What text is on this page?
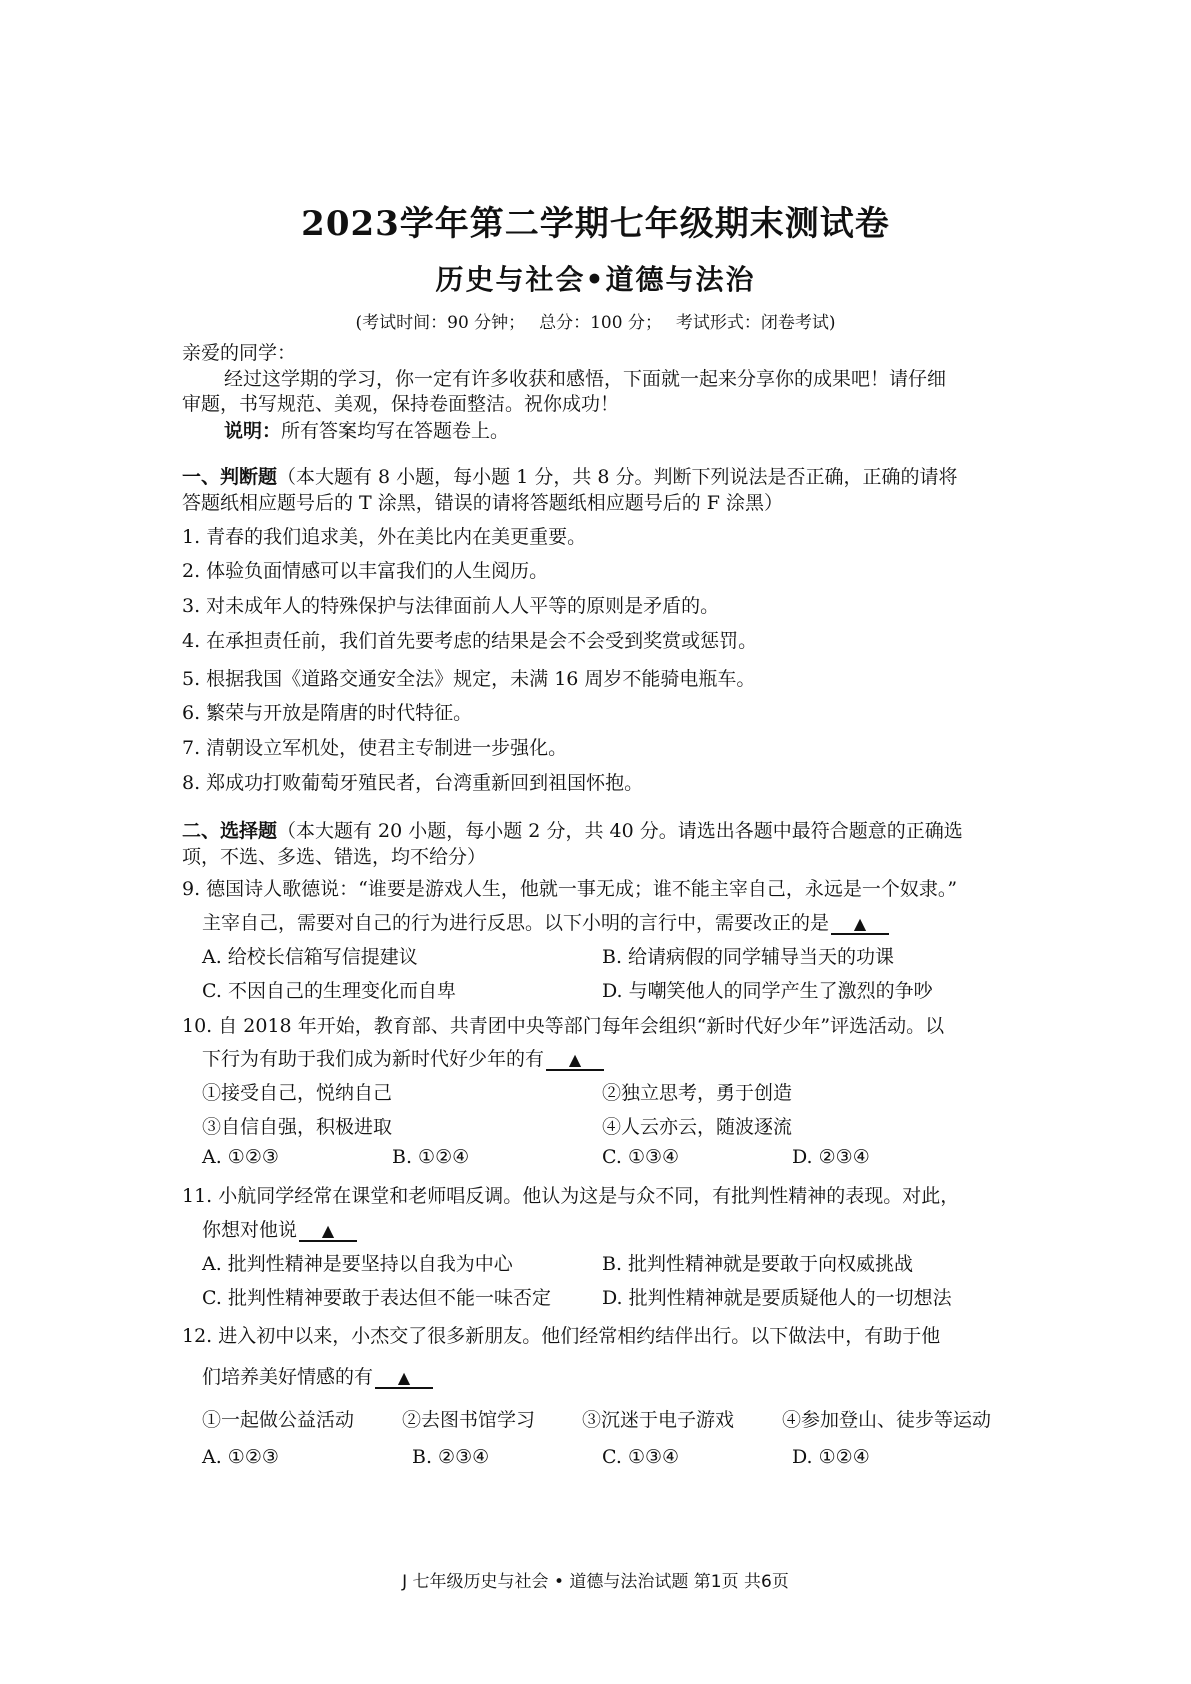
2023学年第二学期七年级期末测试卷
历史与社会•道德与法治
(考试时间：90 分钟；　 总分：100 分；　 考试形式：闭卷考试)
亲爱的同学：
经过这学期的学习，你一定有许多收获和感悟，下面就一起来分享你的成果吧！请仔细
审题，书写规范、美观，保持卷面整洁。祝你成功！
说明：所有答案均写在答题卷上。
一、判断题（本大题有 8 小题，每小题 1 分，共 8 分。判断下列说法是否正确，正确的请将
答题纸相应题号后的 T 涂黑，错误的请将答题纸相应题号后的 F 涂黑）
1. 青春的我们追求美，外在美比内在美更重要。
2. 体验负面情感可以丰富我们的人生阅历。
3. 对未成年人的特殊保护与法律面前人人平等的原则是矛盾的。
4. 在承担责任前，我们首先要考虑的结果是会不会受到奖赏或惩罚。
5. 根据我国《道路交通安全法》规定，未满 16 周岁不能骑电瓶车。
6. 繁荣与开放是隋唐的时代特征。
7. 清朝设立军机处，使君主专制进一步强化。
8. 郑成功打败葡萄牙殖民者，台湾重新回到祖国怀抱。
二、选择题（本大题有 20 小题，每小题 2 分，共 40 分。请选出各题中最符合题意的正确选
项，不选、多选、错选，均不给分）
9. 德国诗人歌德说：“谁要是游戏人生，他就一事无成；谁不能主宰自己，永远是一个奴隶。”
主宰自己，需要对自己的行为进行反思。以下小明的言行中，需要改正的是 ▲
A. 给校长信箱写信提建议	B. 给请病假的同学辅导当天的功课
C. 不因自己的生理变化而自卑	D. 与嘲笑他人的同学产生了激烈的争吵
10. 自 2018 年开始，教育部、共青团中央等部门每年会组织“新时代好少年”评选活动。以
下行为有助于我们成为新时代好少年的有 ▲
①接受自己，悦纳自己	②独立思考，勇于创造
③自信自强，积极进取	④人云亦云，随波逐流
A. ①②③	B. ①②④	C. ①③④	D. ②③④
11. 小航同学经常在课堂和老师唱反调。他认为这是与众不同，有批判性精神的表现。对此，
你想对他说 ▲
A. 批判性精神是要坚持以自我为中心	B. 批判性精神就是要敢于向权威挑战
C. 批判性精神要敢于表达但不能一味否定	D. 批判性精神就是要质疑他人的一切想法
12. 进入初中以来，小杰交了很多新朋友。他们经常相约结伴出行。以下做法中，有助于他
们培养美好情感的有 ▲
①一起做公益活动	②去图书馆学习 ③沉迷于电子游戏	④参加登山、徒步等运动
A. ①②③	B. ②③④	C. ①③④	D. ①②④
J 七年级历史与社会 • 道德与法治试题 第1页 共6页
